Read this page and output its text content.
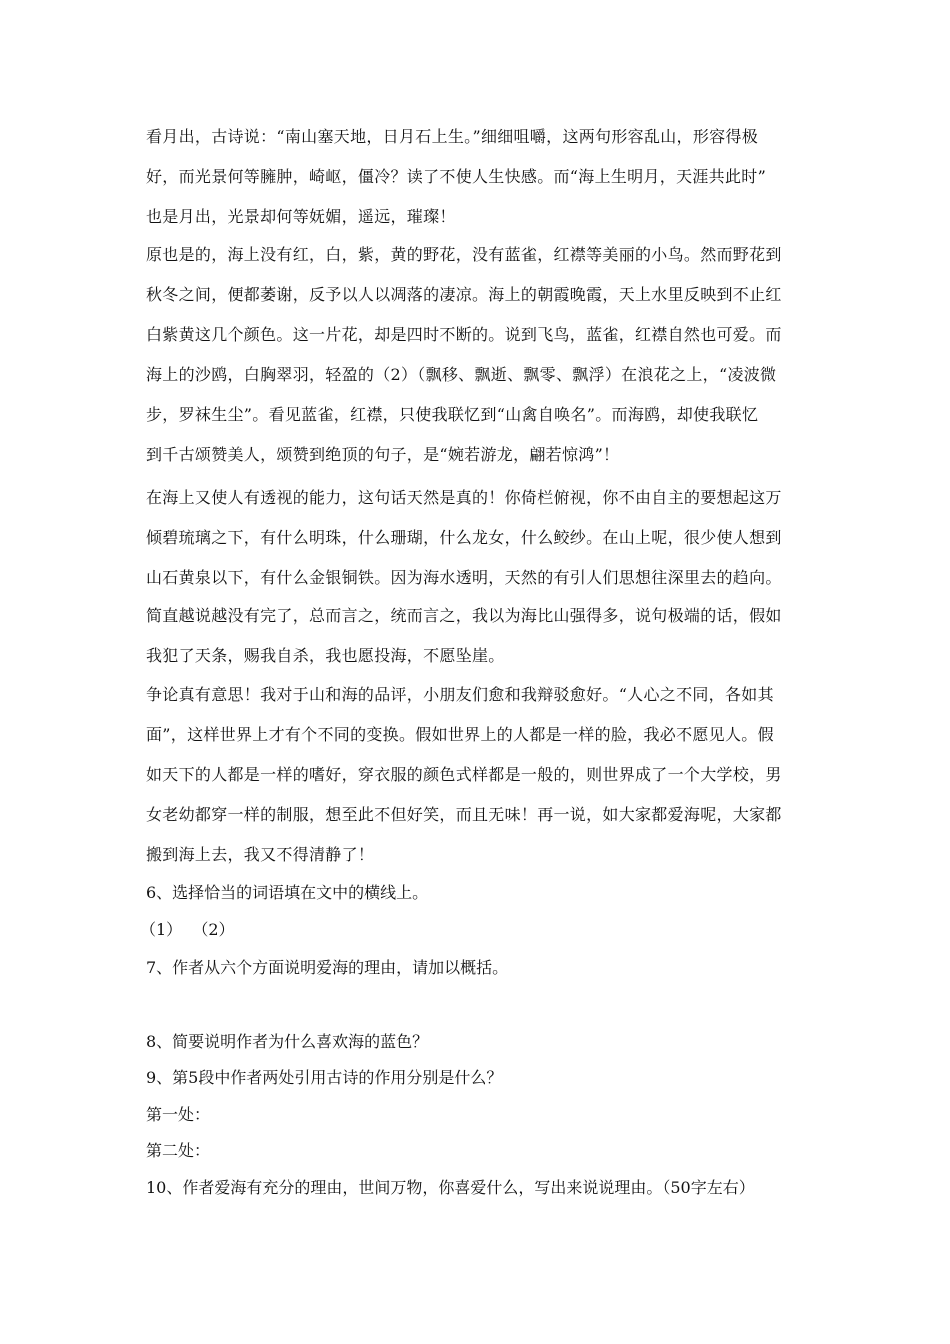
看月出，古诗说：“南山塞天地，日月石上生。”细细咀嚼，这两句形容乱山，形容得极
好，而光景何等臃肿，崎岖，僵冷？读了不使人生快感。而“海上生明月，天涯共此时”
也是月出，光景却何等妩媚，遥远，璀璨！
原也是的，海上没有红，白，紫，黄的野花，没有蓝雀，红襟等美丽的小鸟。然而野花到
秋冬之间，便都萎谢，反予以人以凋落的凄凉。海上的朝霞晚霞，天上水里反映到不止红
白紫黄这几个颜色。这一片花，却是四时不断的。说到飞鸟，蓝雀，红襟自然也可爱。而
海上的沙鸥，白胸翠羽，轻盈的（2）（飘移、飘逝、飘零、飘浮）在浪花之上，“凌波微
步，罗袜生尘”。看见蓝雀，红襟，只使我联忆到“山禽自唤名”。而海鸥，却使我联忆
到千古颂赞美人，颂赞到绝顶的句子，是“婉若游龙，翩若惊鸿”！
在海上又使人有透视的能力，这句话天然是真的！你倚栏俯视，你不由自主的要想起这万
倾碧琉璃之下，有什么明珠，什么珊瑚，什么龙女，什么鲛纱。在山上呢，很少使人想到
山石黄泉以下，有什么金银铜铁。因为海水透明，天然的有引人们思想往深里去的趋向。
简直越说越没有完了，总而言之，统而言之，我以为海比山强得多，说句极端的话，假如
我犯了天条，赐我自杀，我也愿投海，不愿坠崖。
争论真有意思！我对于山和海的品评，小朋友们愈和我辩驳愈好。“人心之不同，各如其
面”，这样世界上才有个不同的变换。假如世界上的人都是一样的脸，我必不愿见人。假
如天下的人都是一样的嗜好，穿衣服的颜色式样都是一般的，则世界成了一个大学校，男
女老幼都穿一样的制服，想至此不但好笑，而且无味！再一说，如大家都爱海呢，大家都
搬到海上去，我又不得清静了！

6、选择恰当的词语填在文中的横线上。

（1）  （2）

7、作者从六个方面说明爱海的理由，请加以概括。

8、简要说明作者为什么喜欢海的蓝色？

9、第5段中作者两处引用古诗的作用分别是什么？

第一处：

第二处：

10、作者爱海有充分的理由，世间万物，你喜爱什么，写出来说说理由。（50字左右）
